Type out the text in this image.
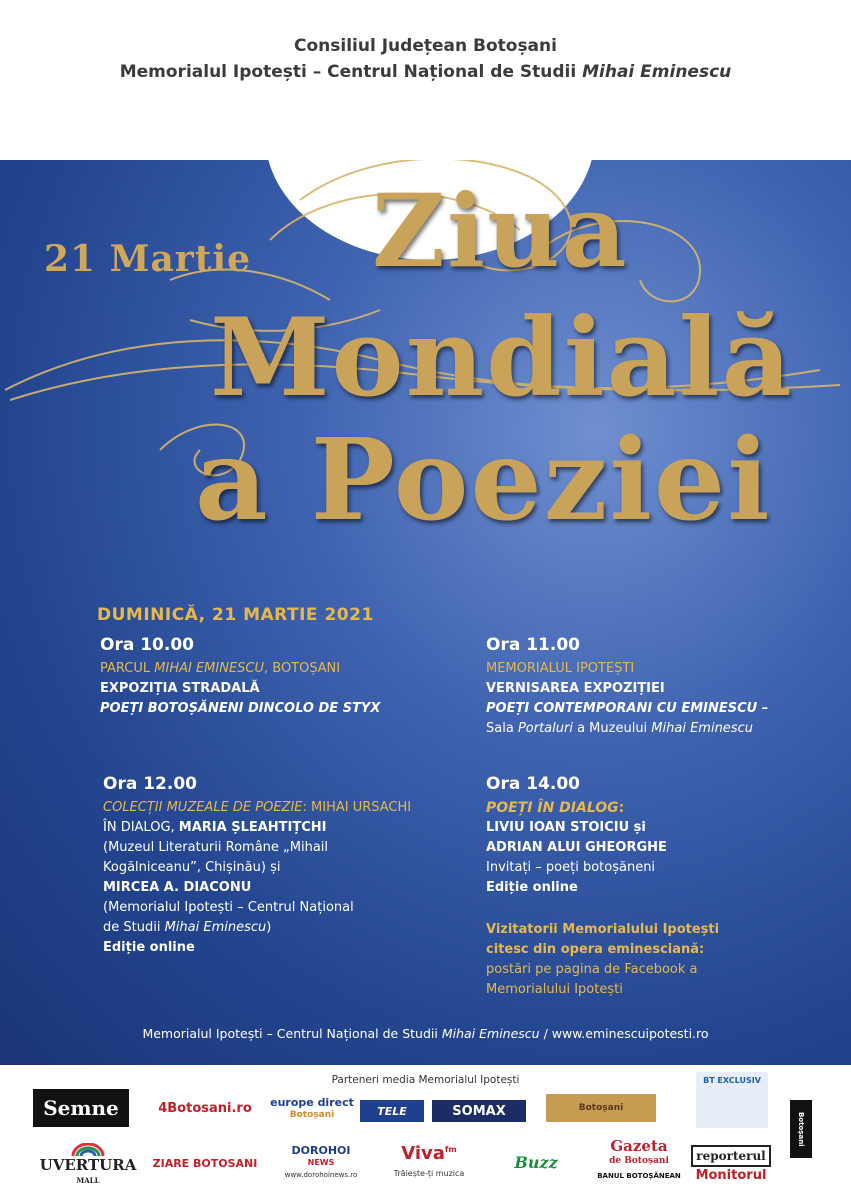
Consiliul Județean Botoșani
Memorialul Ipotești – Centrul Național de Studii Mihai Eminescu
21 Martie Ziua
Mondială
a Poeziei
DUMINICĂ, 21 MARTIE 2021
Ora 10.00
PARCUL MIHAI EMINESCU, BOTOȘANI
EXPOZIȚIA STRADALĂ
POEȚI BOTOȘĂNENI DINCOLO DE STYX
Ora 11.00
MEMORIALUL IPOTEȘTI
VERNISAREA EXPOZIȚIEI
POEȚI CONTEMPORANI CU EMINESCU –
Sala Portaluri a Muzeului Mihai Eminescu
Ora 12.00
COLECȚII MUZEALE DE POEZIE: MIHAI URSACHI
ÎN DIALOG, MARIA ȘLEAHTIȚCHI
(Muzeul Literaturii Române „Mihail
Kogălniceanu”, Chișinău) și
MIRCEA A. DIACONU
(Memorialul Ipotești – Centrul Național
de Studii Mihai Eminescu)
Ediție online
Ora 14.00
POEȚI ÎN DIALOG:
LIVIU IOAN STOICIU și
ADRIAN ALUI GHEORGHE
Invitați – poeți botoșăneni
Ediție online
Vizitatorii Memorialului Ipotești
citesc din opera eminesciană:
postări pe pagina de Facebook a
Memorialului Ipotești
Memorialul Ipotești – Centrul Național de Studii Mihai Eminescu / www.eminescuipotesti.ro
Parteneri media Memorialul Ipotești
Semne	4Botosani.ro	europe direct
Botoșani	TELE	SOMAX	Botoșani
BT EXCLUSIV
Botoșani
UVERTURA
MALL
ZIARE BOTOSANI
DOROHOI
NEWS
www.dorohoinews.ro
Viva$^{fm}$
Trăiește-ți muzica
Buzz
Gazeta
de Botoșani
BANUL BOTOȘĂNEAN
reporterul
Monitorul
